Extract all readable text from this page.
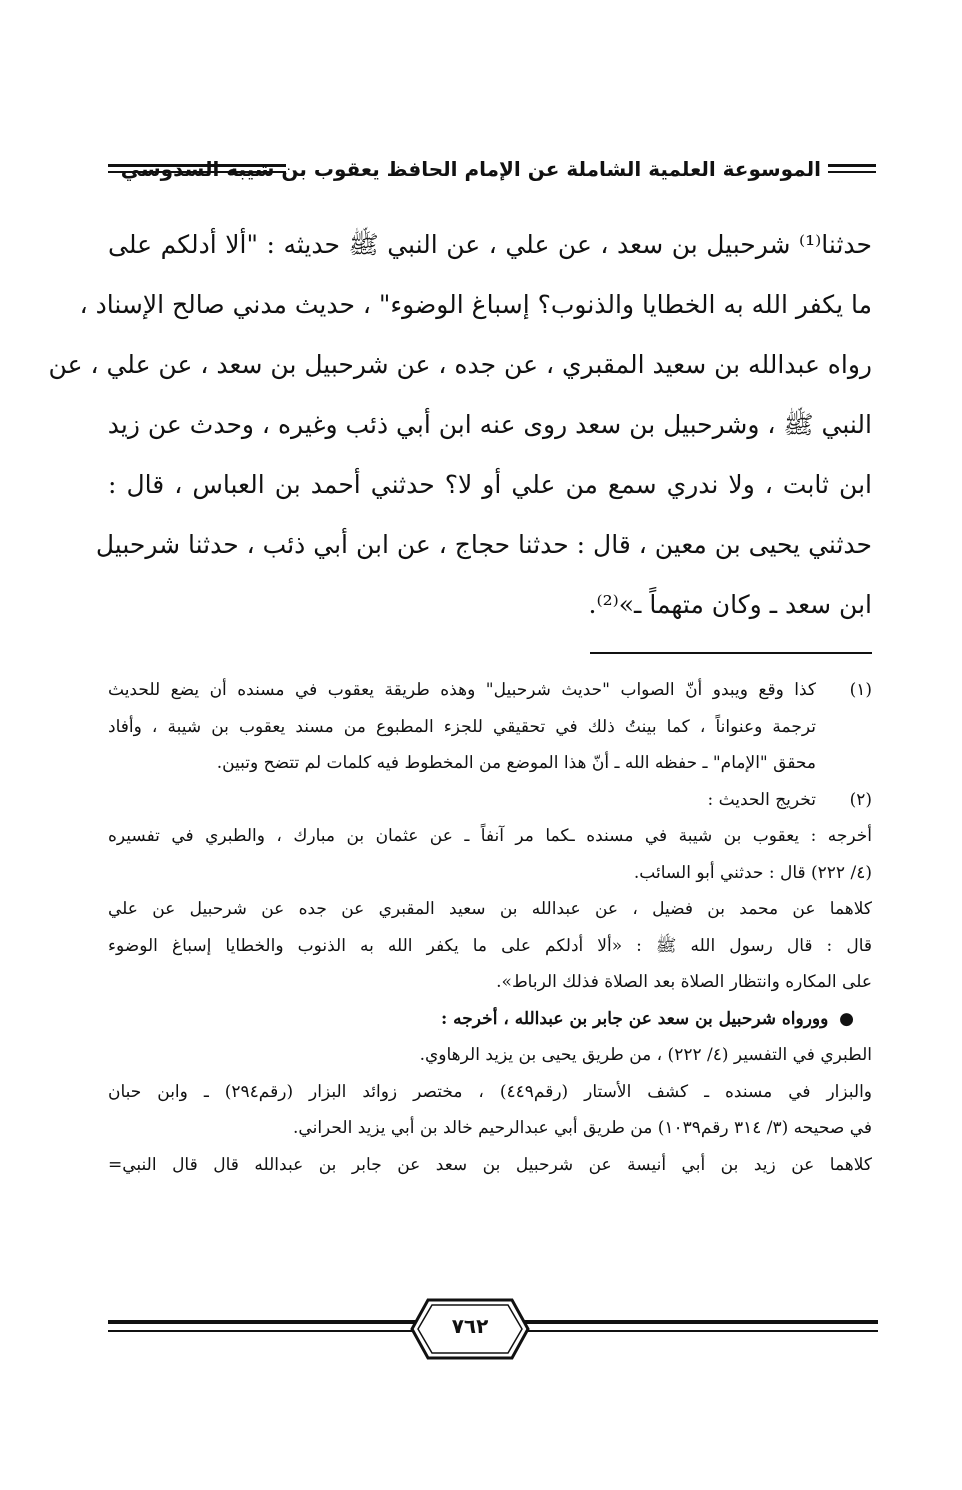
الموسوعة العلمية الشاملة عن الإمام الحافظ يعقوب بن شيبة السدوسي

حدثنا⁽¹⁾ شرحبيل بن سعد ، عن علي ، عن النبي ﷺ حديثه : "ألا أدلكم على

ما يكفر الله به الخطايا والذنوب؟ إسباغ الوضوء" ، حديث مدني صالح الإسناد ،

رواه عبدالله بن سعيد المقبري ، عن جده ، عن شرحبيل بن سعد ، عن علي ، عن

النبي ﷺ ، وشرحبيل بن سعد روى عنه ابن أبي ذئب وغيره ، وحدث عن زيد

ابن ثابت ، ولا ندري سمع من علي أو لا؟ حدثني أحمد بن العباس ، قال :

حدثني يحيى بن معين ، قال : حدثنا حجاج ، عن ابن أبي ذئب ، حدثنا شرحبيل

ابن سعد ـ وكان متهماً ـ»⁽²⁾.

(١)
كذا وقع ويبدو أنّ الصواب "حديث شرحبيل" وهذه طريقة يعقوب في مسنده أن يضع للحديث
ترجمة وعنواناً ، كما بينتُ ذلك في تحقيقي للجزء المطبوع من مسند يعقوب بن شيبة ، وأفاد
محقق "الإمام" ـ حفظه الله ـ أنّ هذا الموضع من المخطوط فيه كلمات لم تتضح وتبين.
(٢)
تخريج الحديث :
أخرجه : يعقوب بن شيبة في مسنده ـكما مر آنفاً ـ عن عثمان بن مبارك ، والطبري في تفسيره
(٤/ ٢٢٢) قال : حدثني أبو السائب.
كلاهما عن محمد بن فضيل ، عن عبدالله بن سعيد المقبري عن جده عن شرحبيل عن علي
قال : قال رسول الله ﷺ : «ألا أدلكم على ما يكفر الله به الذنوب والخطايا إسباغ الوضوء
على المكاره وانتظار الصلاة بعد الصلاة فذلك الرباط».
●  وورواه شرحبيل بن سعد عن جابر بن عبدالله ، أخرجه :
الطبري في التفسير (٤/ ٢٢٢) ، من طريق يحيى بن يزيد الرهاوي.
والبزار في مسنده ـ كشف الأستار (رقم٤٤٩) ، مختصر زوائد البزار (رقم٢٩٤) ـ وابن حبان
في صحيحه (٣/ ٣١٤ رقم١٠٣٩) من طريق أبي عبدالرحيم خالد بن أبي يزيد الحراني.
كلاهما عن زيد بن أبي أنيسة عن شرحبيل بن سعد عن جابر بن عبدالله قال قال النبي=
٧٦٢
